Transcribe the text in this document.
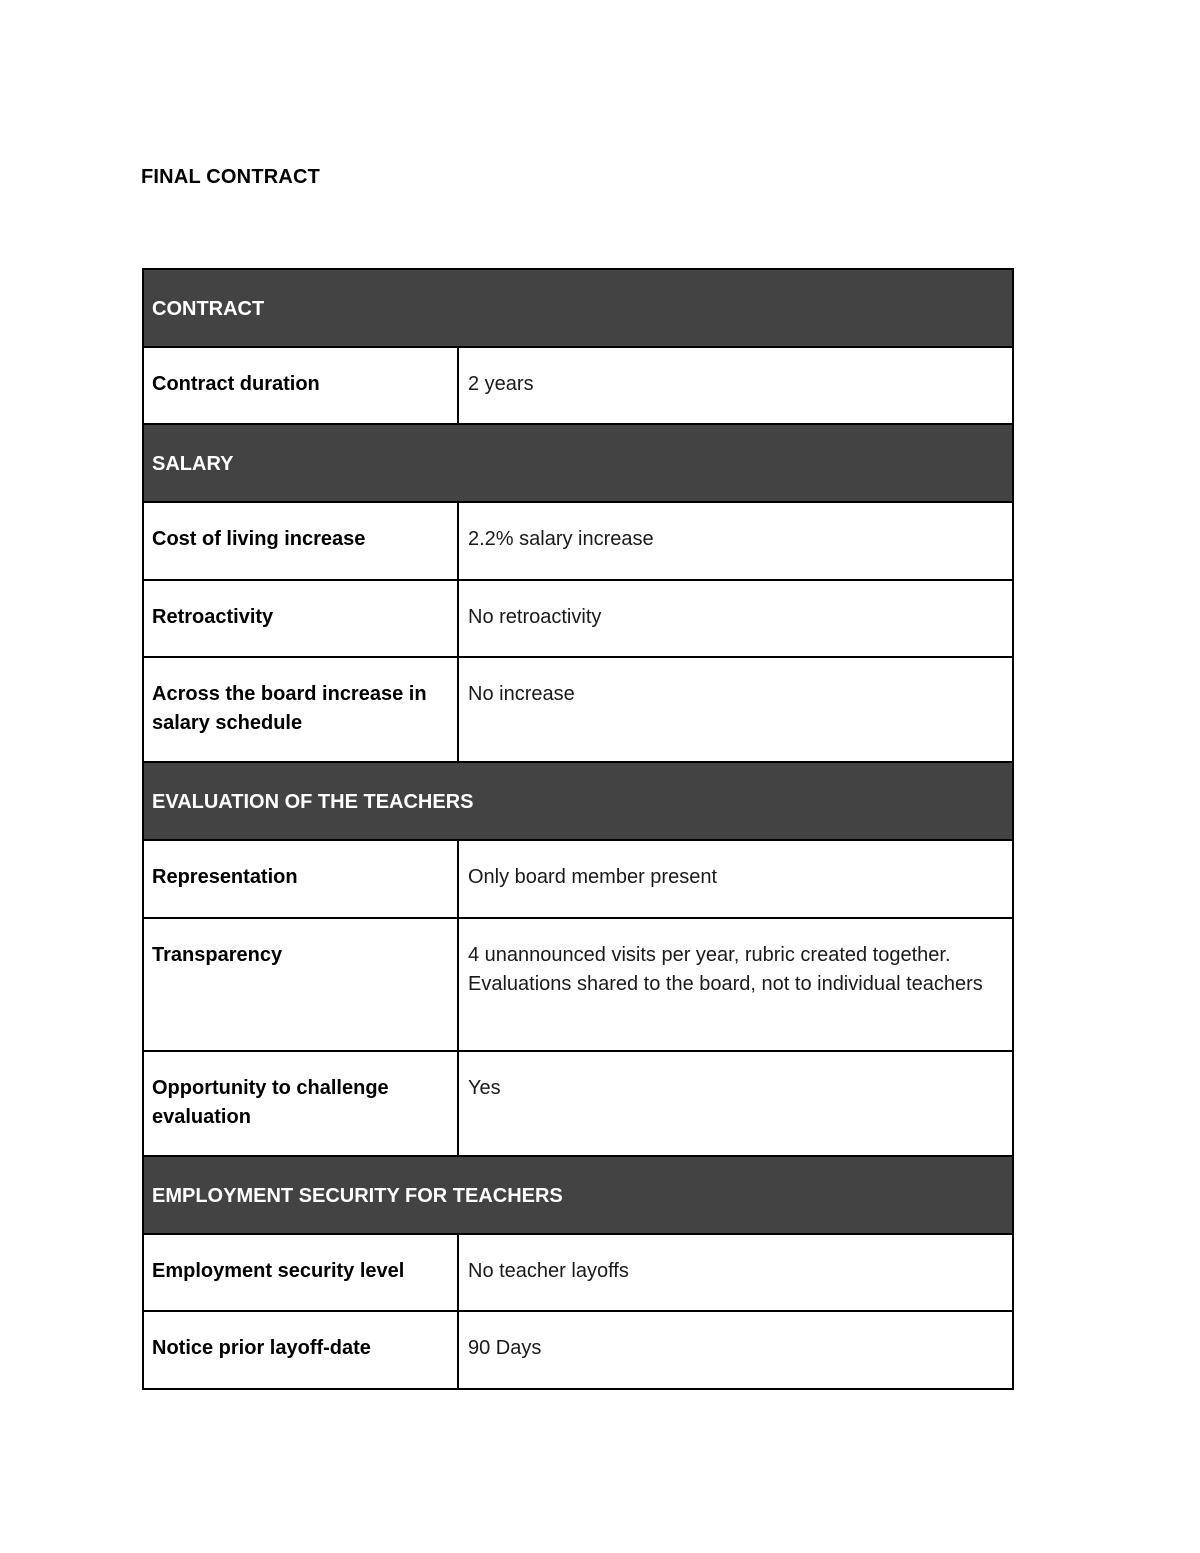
FINAL CONTRACT
CONTRACT	
Contract duration	2 years
SALARY	
Cost of living increase	2.2% salary increase
Retroactivity	No retroactivity
Across the board increase in salary schedule	No increase
EVALUATION OF THE TEACHERS	
Representation	Only board member present
Transparency	4 unannounced visits per year, rubric created together. Evaluations shared to the board, not to individual teachers
Opportunity to challenge evaluation	Yes
EMPLOYMENT SECURITY FOR TEACHERS	
Employment security level	No teacher layoffs
Notice prior layoff-date	90 Days
